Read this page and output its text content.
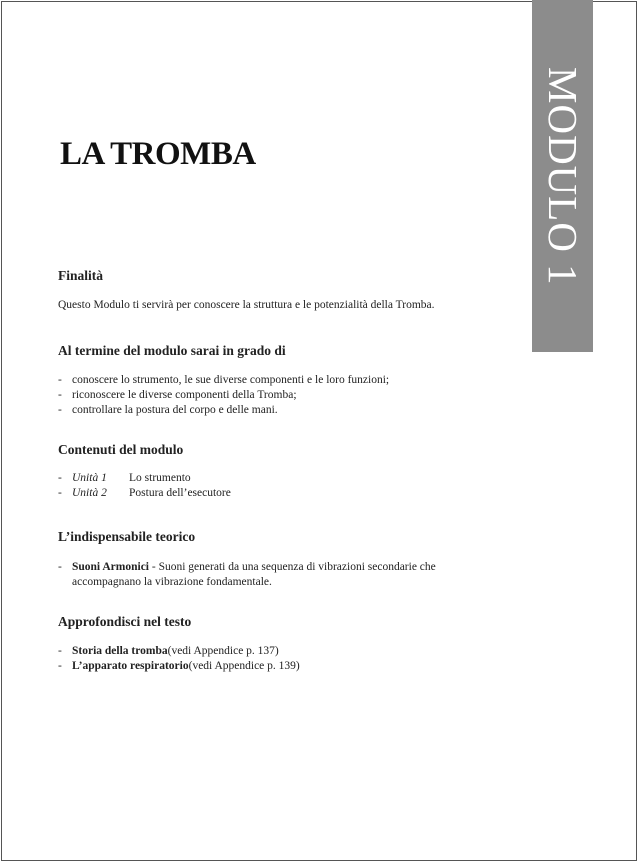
MODULO 1
LA TROMBA
Finalità

Questo Modulo ti servirà per conoscere la struttura e le potenzialità della Tromba.

Al termine del modulo sarai in grado di
- conoscere lo strumento, le sue diverse componenti e le loro funzioni;
- riconoscere le diverse componenti della Tromba;
- controllare la postura del corpo e delle mani.
Contenuti del modulo
- Unità 1	Lo strumento
- Unità 2	Postura dell’esecutore
L’indispensabile teorico
- Suoni Armonici - Suoni generati da una sequenza di vibrazioni secondarie che accompagnano la vibrazione fondamentale.
Approfondisci nel testo
- Storia della tromba (vedi Appendice p. 137)
- L’apparato respiratorio (vedi Appendice p. 139)
